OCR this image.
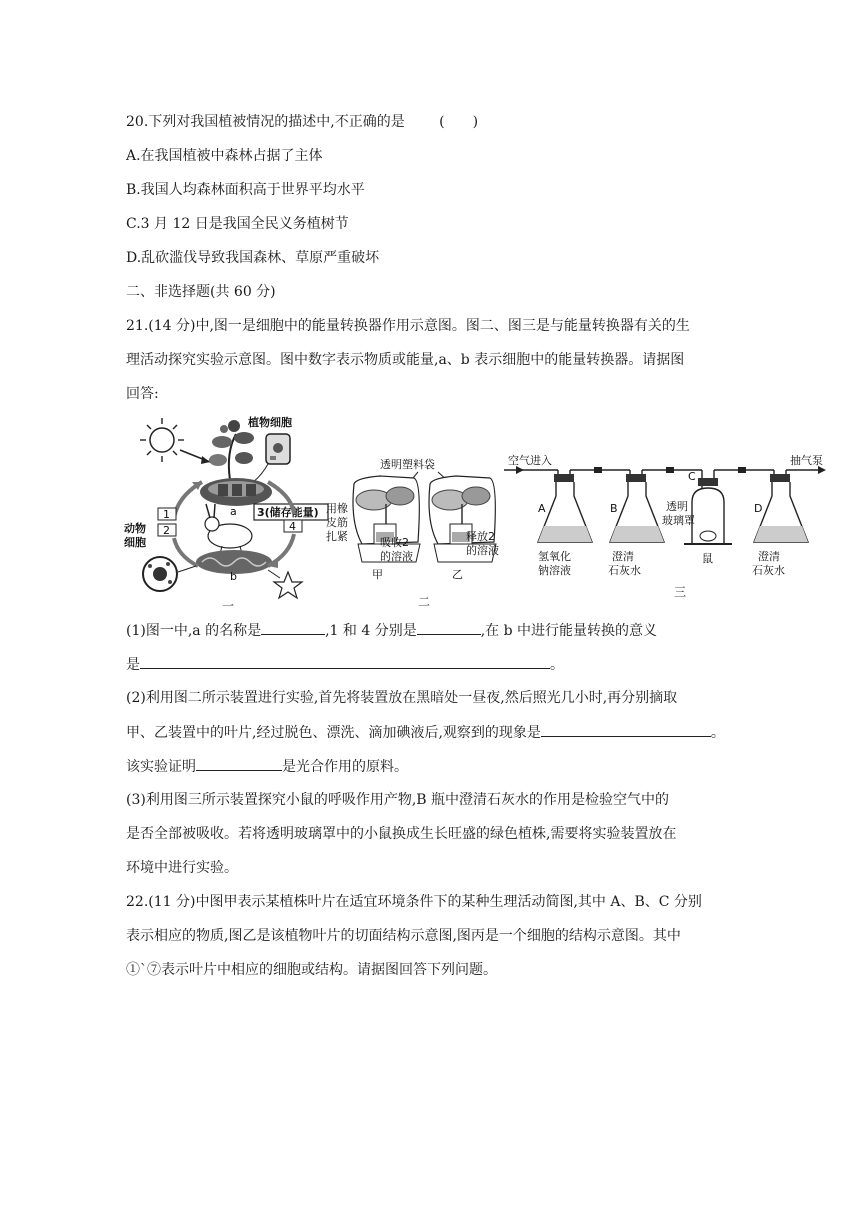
20.下列对我国植被情况的描述中,不正确的是 (　　)
A.在我国植被中森林占据了主体
B.我国人均森林面积高于世界平均水平
C.3 月 12 日是我国全民义务植树节
D.乱砍滥伐导致我国森林、草原严重破坏
二、非选择题(共 60 分)
21.(14 分)中,图一是细胞中的能量转换器作用示意图。图二、图三是与能量转换器有关的生
理活动探究实验示意图。图中数字表示物质或能量,a、b 表示细胞中的能量转换器。请据图
回答:
植物细胞
a 3(储存能量)
b
1
2	4
动物
细胞
一
透明塑料袋
用橡
皮筋
扎紧	吸收2
的溶液
甲
释放2
的溶液
乙
二
空气进入	抽气泵
A
氢氧化
钠溶液
B
澄清
石灰水
C
透明
玻璃罩
鼠
D
澄清
石灰水
三
(1)图一中,a 的名称是	,1 和 4 分别是	,在 b 中进行能量转换的意义
是	。
(2)利用图二所示装置进行实验,首先将装置放在黑暗处一昼夜,然后照光几小时,再分别摘取
甲、乙装置中的叶片,经过脱色、漂洗、滴加碘液后,观察到的现象是	。
该实验证明	是光合作用的原料。
(3)利用图三所示装置探究小鼠的呼吸作用产物,B 瓶中澄清石灰水的作用是检验空气中的
是否全部被吸收。若将透明玻璃罩中的小鼠换成生长旺盛的绿色植株,需要将实验装置放在
环境中进行实验。
22.(11 分)中图甲表示某植株叶片在适宜环境条件下的某种生理活动简图,其中 A、B、C 分别
表示相应的物质,图乙是该植物叶片的切面结构示意图,图丙是一个细胞的结构示意图。其中
①`⑦表示叶片中相应的细胞或结构。请据图回答下列问题。
